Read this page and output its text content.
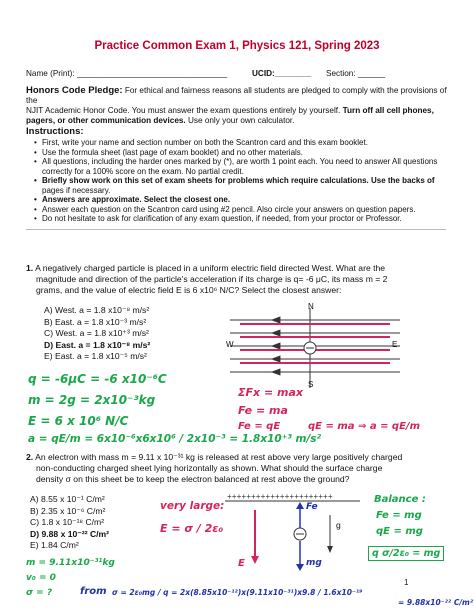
Practice Common Exam 1, Physics 121, Spring 2023
Name (Print): _________________________________	UCID:________ Section: ______
Honors Code Pledge: For ethical and fairness reasons all students are pledged to comply with the provisions of the
NJIT Academic Honor Code. You must answer the exam questions entirely by yourself. Turn off all cell phones,
pagers, or other communication devices. Use only your own calculator.
Instructions:
• First, write your name and section number on both the Scantron card and this exam booklet.
• Use the formula sheet (last page of exam booklet) and no other materials.
• All questions, including the harder ones marked by (*), are worth 1 point each. You need to answer All questions
correctly for a 100% score on the exam. No partial credit.
• Briefly show work on this set of exam sheets for problems which require calculations. Use the backs of
pages if necessary.
• Answers are approximate. Select the closest one.
• Answer each question on the Scantron card using #2 pencil. Also circle your answers on question papers.
• Do not hesitate to ask for clarification of any exam question, if needed, from your proctor or Professor.
1. A negatively charged particle is placed in a uniform electric field directed West. What are the
magnitude and direction of the particle's acceleration if its charge is q= -6 μC, its mass m = 2
grams, and the value of electric field E is 6 x10⁶ N/C? Select the closest answer:
A) West. a = 1.8 x10⁻⁸ m/s²
B) East. a = 1.8 x10⁻³ m/s²
C) West. a = 1.8 x10⁺³ m/s²
D) East. a = 1.8 x10⁻⁸ m/s²
E) East. a = 1.8 x10⁻⁵ m/s²
N
S
W	E
q = -6μC = -6 x10⁻⁶C
m = 2g = 2x10⁻³kg
E = 6 x 10⁶ N/C
a = qE/m = 6x10⁻⁶x6x10⁶ / 2x10⁻³ = 1.8x10⁺³ m/s²
ΣFx = max
Fe = ma
Fe = qE	qE = ma ⇒ a = qE/m
2. An electron with mass m = 9.11 x 10⁻³¹ kg is released at rest above very large positively charged
non-conducting charged sheet lying horizontally as shown. What should the surface charge
density σ on this sheet be to keep the electron balanced at rest above the ground?
A) 8.55 x 10⁻¹ C/m²
B) 2.35 x 10⁻⁶ C/m²
C) 1.8 x 10⁻¹⁸ C/m²
D) 9.88 x 10⁻²² C/m²
E) 1.84 C/m²
++++++++++++++++++++++
g
Fe
mg
E
very large:
E = σ / 2ε₀
Balance :
Fe = mg
qE = mg
q σ/2ε₀ = mg
m = 9.11x10⁻³¹kg
v₀ = 0
σ = ?	from σ = 2ε₀mg / q = 2x(8.85x10⁻¹²)x(9.11x10⁻³¹)x9.8 / 1.6x10⁻¹⁹
= 9.88x10⁻²² C/m²
1
